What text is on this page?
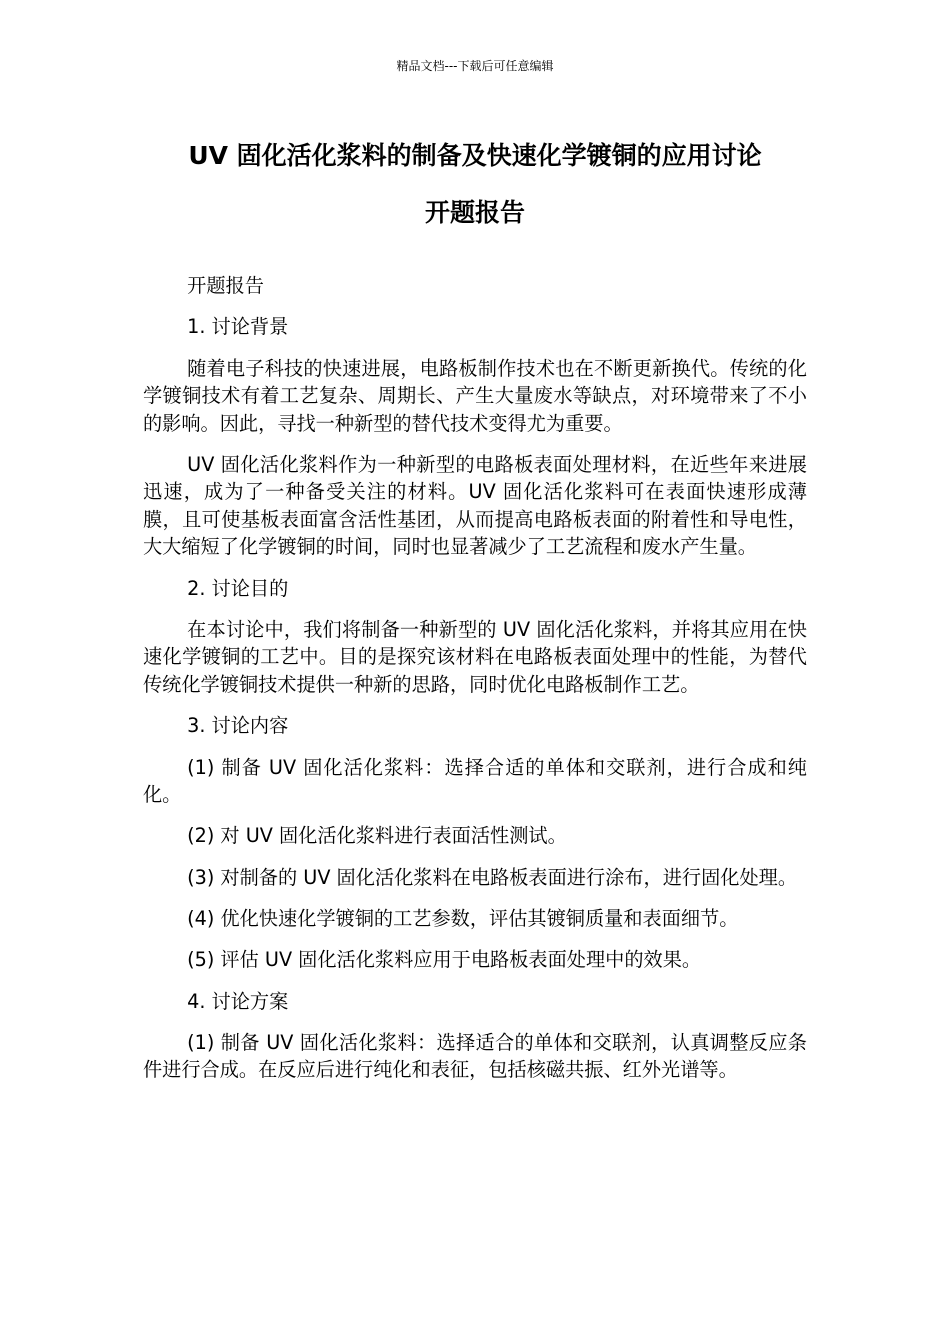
精品文档---下载后可任意编辑
UV 固化活化浆料的制备及快速化学镀铜的应用讨论
开题报告

开题报告

1. 讨论背景

随着电子科技的快速进展，电路板制作技术也在不断更新换代。传统的化学镀铜技术有着工艺复杂、周期长、产生大量废水等缺点，对环境带来了不小的影响。因此，寻找一种新型的替代技术变得尤为重要。

UV 固化活化浆料作为一种新型的电路板表面处理材料，在近些年来进展迅速，成为了一种备受关注的材料。UV 固化活化浆料可在表面快速形成薄膜，且可使基板表面富含活性基团，从而提高电路板表面的附着性和导电性，大大缩短了化学镀铜的时间，同时也显著减少了工艺流程和废水产生量。

2. 讨论目的

在本讨论中，我们将制备一种新型的 UV 固化活化浆料，并将其应用在快速化学镀铜的工艺中。目的是探究该材料在电路板表面处理中的性能，为替代传统化学镀铜技术提供一种新的思路，同时优化电路板制作工艺。

3. 讨论内容

(1) 制备 UV 固化活化浆料：选择合适的单体和交联剂，进行合成和纯化。

(2) 对 UV 固化活化浆料进行表面活性测试。

(3) 对制备的 UV 固化活化浆料在电路板表面进行涂布，进行固化处理。

(4) 优化快速化学镀铜的工艺参数，评估其镀铜质量和表面细节。

(5) 评估 UV 固化活化浆料应用于电路板表面处理中的效果。

4. 讨论方案

(1) 制备 UV 固化活化浆料：选择适合的单体和交联剂，认真调整反应条件进行合成。在反应后进行纯化和表征，包括核磁共振、红外光谱等。
